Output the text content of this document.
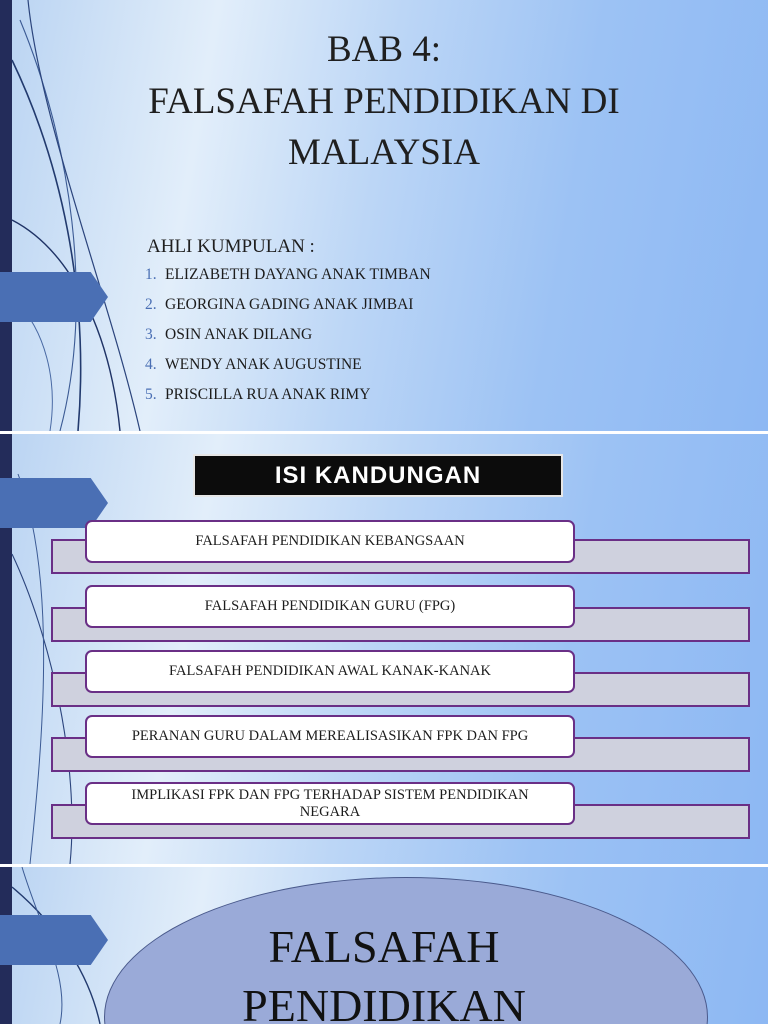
BAB 4:
FALSAFAH PENDIDIKAN DI
MALAYSIA
AHLI KUMPULAN :
1. ELIZABETH DAYANG ANAK TIMBAN
2. GEORGINA GADING ANAK JIMBAI
3. OSIN ANAK DILANG
4. WENDY ANAK AUGUSTINE
5. PRISCILLA RUA ANAK RIMY
ISI KANDUNGAN
FALSAFAH PENDIDIKAN KEBANGSAAN
FALSAFAH PENDIDIKAN GURU (FPG)
FALSAFAH PENDIDIKAN AWAL KANAK-KANAK
PERANAN GURU DALAM MEREALISASIKAN FPK DAN FPG
IMPLIKASI FPK DAN FPG TERHADAP SISTEM PENDIDIKAN NEGARA
FALSAFAH
PENDIDIKAN
